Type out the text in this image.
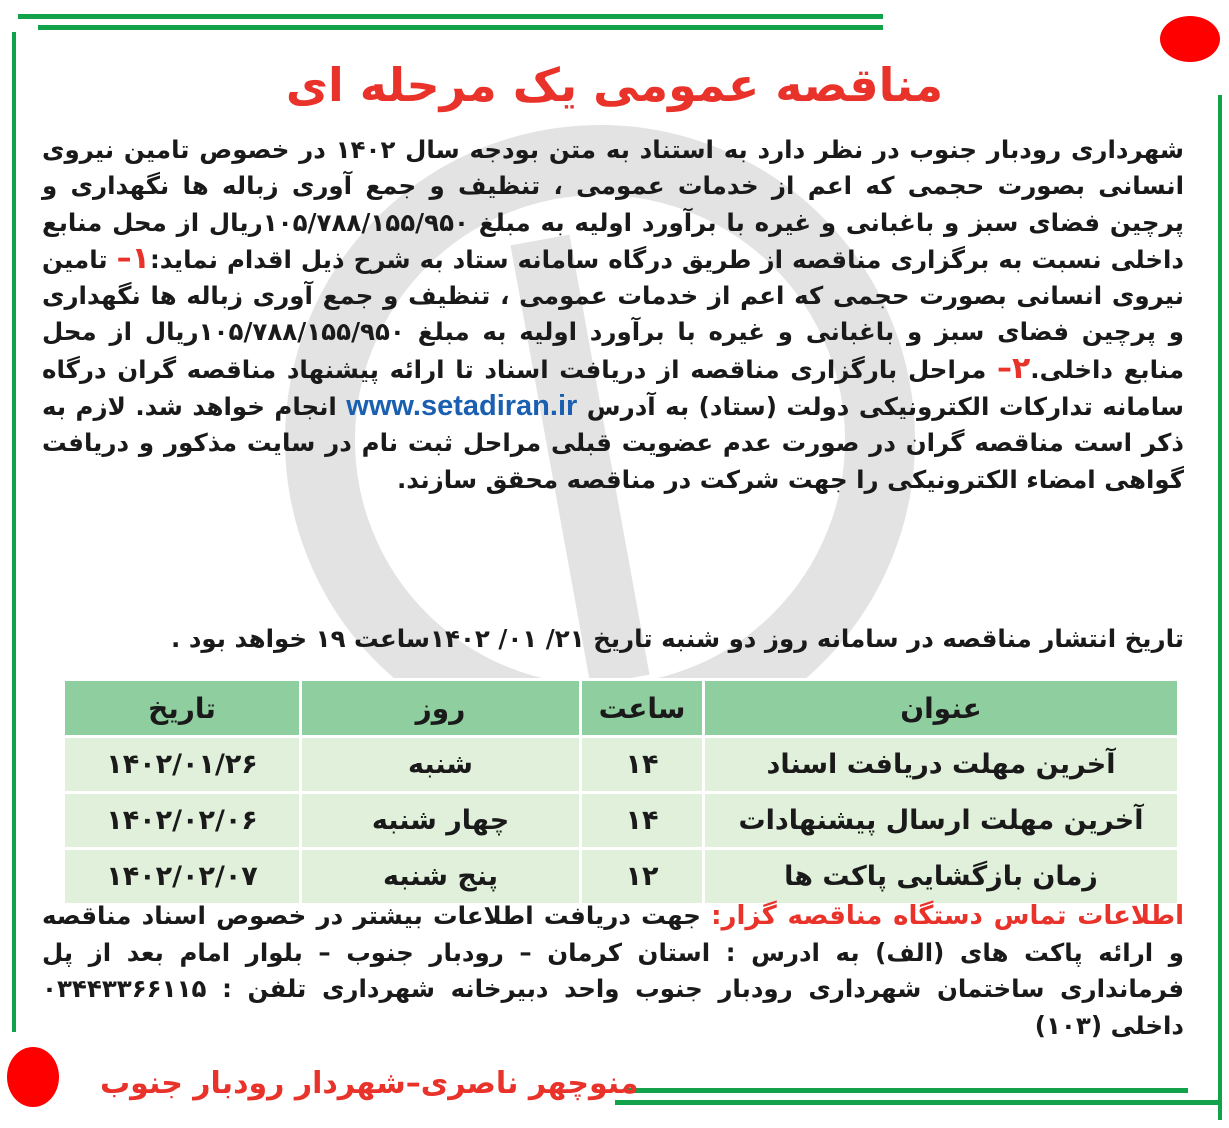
مناقصه عمومی یک مرحله ای
شهرداری رودبار جنوب در نظر دارد به استناد به متن بودجه سال ۱۴۰۲ در خصوص تامین نیروی انسانی بصورت حجمی که اعم از خدمات عمومی ، تنظیف و جمع آوری زباله ها نگهداری و پرچین فضای سبز و باغبانی و غیره با برآورد اولیه به مبلغ ۱۰۵/۷۸۸/۱۵۵/۹۵۰ریال از محل منابع داخلی نسبت به برگزاری مناقصه از طریق درگاه سامانه ستاد به شرح ذیل اقدام نماید:۱– تامین نیروی انسانی بصورت حجمی که اعم از خدمات عمومی ، تنظیف و جمع آوری زباله ها نگهداری و پرچین فضای سبز و باغبانی و غیره با برآورد اولیه به مبلغ ۱۰۵/۷۸۸/۱۵۵/۹۵۰ریال از محل منابع داخلی.۲– مراحل بارگزاری مناقصه از دریافت اسناد تا ارائه پیشنهاد مناقصه گران درگاه سامانه تدارکات الکترونیکی دولت (ستاد) به آدرس www.setadiran.ir انجام خواهد شد. لازم به ذکر است مناقصه گران در صورت عدم عضویت قبلی مراحل ثبت نام در سایت مذکور و دریافت گواهی امضاء الکترونیکی را جهت شرکت در مناقصه محقق سازند.
تاریخ انتشار مناقصه در سامانه روز دو شنبه تاریخ ۲۱/ ۰۱/ ۱۴۰۲ساعت ۱۹ خواهد بود .
عنوان	ساعت	روز	تاریخ
آخرین مهلت دریافت اسناد	۱۴	شنبه	۱۴۰۲/۰۱/۲۶
آخرین مهلت ارسال پیشنهادات	۱۴	چهار شنبه	۱۴۰۲/۰۲/۰۶
زمان بازگشایی پاکت ها	۱۲	پنج شنبه	۱۴۰۲/۰۲/۰۷
اطلاعات تماس دستگاه مناقصه گزار: جهت دریافت اطلاعات بیشتر در خصوص اسناد مناقصه و ارائه پاکت های (الف) به ادرس : استان کرمان – رودبار جنوب – بلوار امام بعد از پل فرمانداری ساختمان شهرداری رودبار جنوب واحد دبیرخانه شهرداری تلفن : ۰۳۴۴۳۳۶۶۱۱۵ داخلی (۱۰۳)
منوچهر ناصری–شهردار رودبار جنوب
